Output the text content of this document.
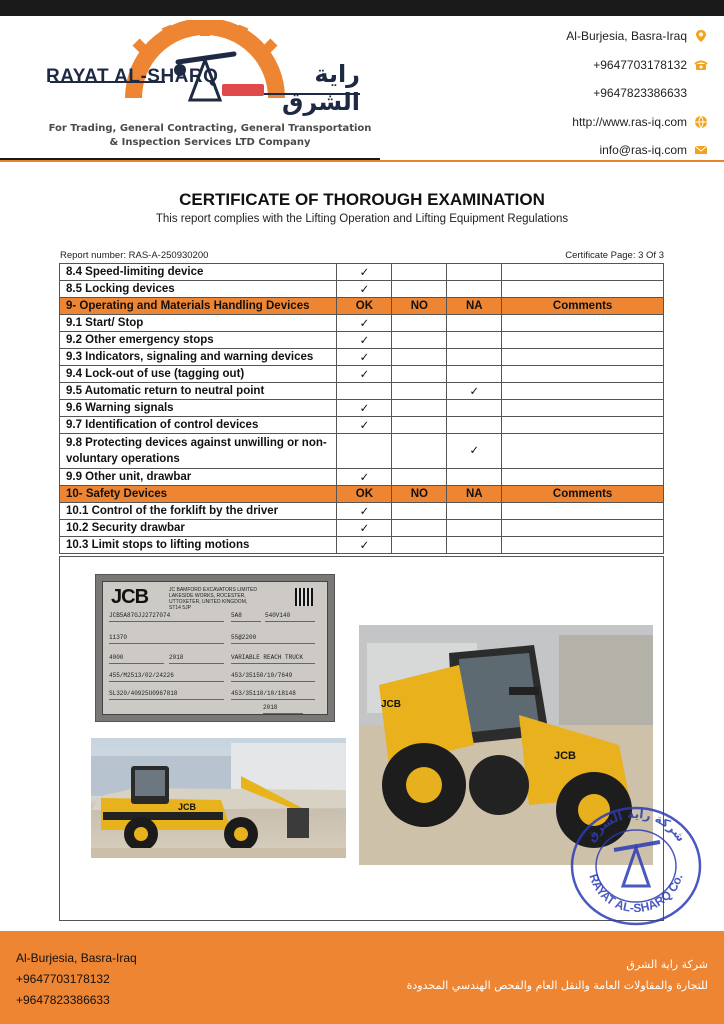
RAYAT AL-SHARQ	راية الشرق
For Trading, General Contracting, General Transportation
& Inspection Services LTD Company
Al-Burjesia, Basra-Iraq
+9647703178132
+9647823386633
http://www.ras-iq.com
info@ras-iq.com
CERTIFICATE OF THOROUGH EXAMINATION
This report complies with the Lifting Operation and Lifting Equipment Regulations
Report number: RAS-A-250930200	Certificate Page: 3 Of 3
8.4 Speed-limiting device	✓			
8.5 Locking devices	✓			
9- Operating and Materials Handling Devices	OK	NO	NA	Comments
9.1 Start/ Stop	✓			
9.2 Other emergency stops	✓			
9.3 Indicators, signaling and warning devices	✓			
9.4 Lock-out of use (tagging out)	✓			
9.5 Automatic return to neutral point			✓	
9.6 Warning signals	✓			
9.7 Identification of control devices	✓			
9.8 Protecting devices against unwilling or non-voluntary operations			✓	
9.9 Other unit, drawbar	✓			
10- Safety Devices	OK	NO	NA	Comments
10.1 Control of the forklift by the driver	✓			
10.2 Security drawbar	✓			
10.3 Limit stops to lifting motions	✓			
JCB	JC BAMFORD EXCAVATORS LIMITED LAKESIDE WORKS, ROCESTER, UTTOXETER, UNITED KINGDOM, ST14 5JP
JCB5A87GJJ2727074	5A8	540V140
11370	55@2200
4000	2018	VARIABLE REACH TRUCK
455/M2513/02/24226	453/35150/10/7649
SL320/40925U0967818	453/35110/10/18148
2018
JCB
JCB
JCB
شركة راية الشرق
RAYAT AL-SHARQ Co.
Al-Burjesia, Basra-Iraq
+9647703178132
+9647823386633
شركة راية الشرق
للتجارة والمقاولات العامة والنقل العام والفحص الهندسي المحدودة
